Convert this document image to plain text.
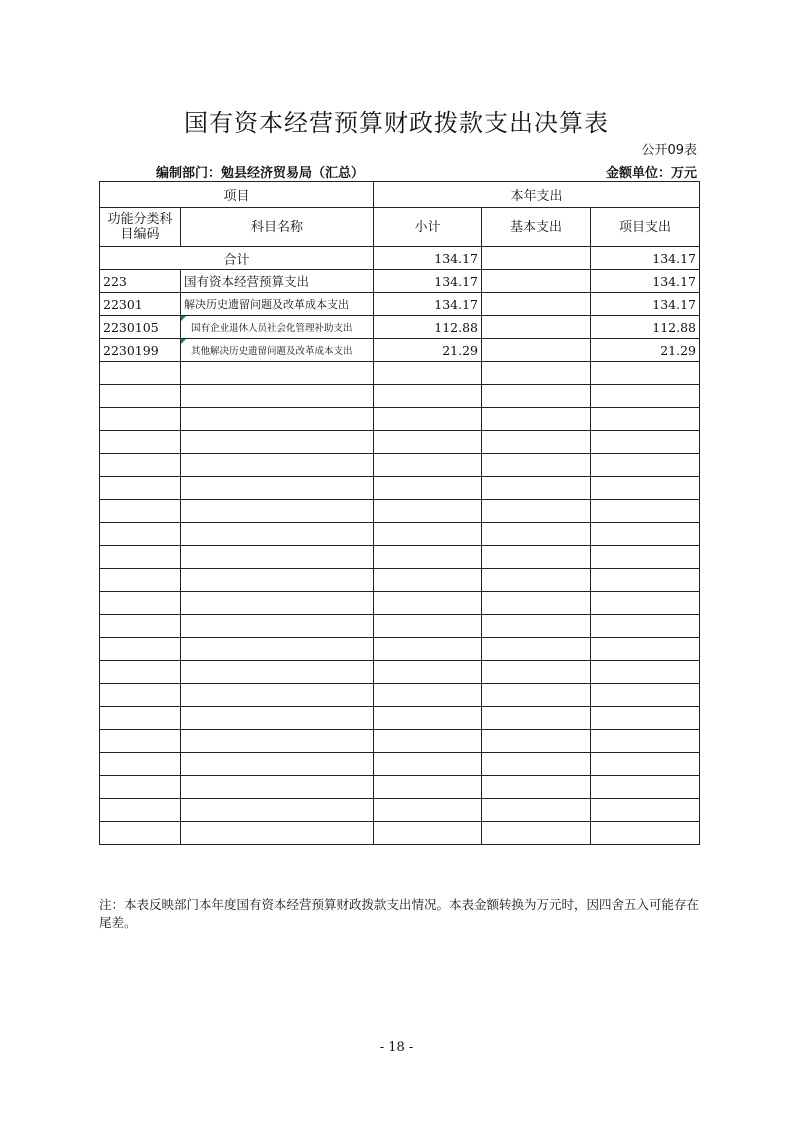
国有资本经营预算财政拨款支出决算表
公开09表
编制部门：勉县经济贸易局（汇总）	金额单位：万元
项目		本年支出		

功能分类科目编码	科目名称	小计	基本支出	项目支出
合计		134.17		134.17
223	国有资本经营预算支出	134.17		134.17
22301	解决历史遗留问题及改革成本支出	134.17		134.17
2230105	国有企业退休人员社会化管理补助支出	112.88		112.88
2230199	其他解决历史遗留问题及改革成本支出	21.29		21.29

注：本表反映部门本年度国有资本经营预算财政拨款支出情况。本表金额转换为万元时，因四舍五入可能存在尾差。
- 18 -
